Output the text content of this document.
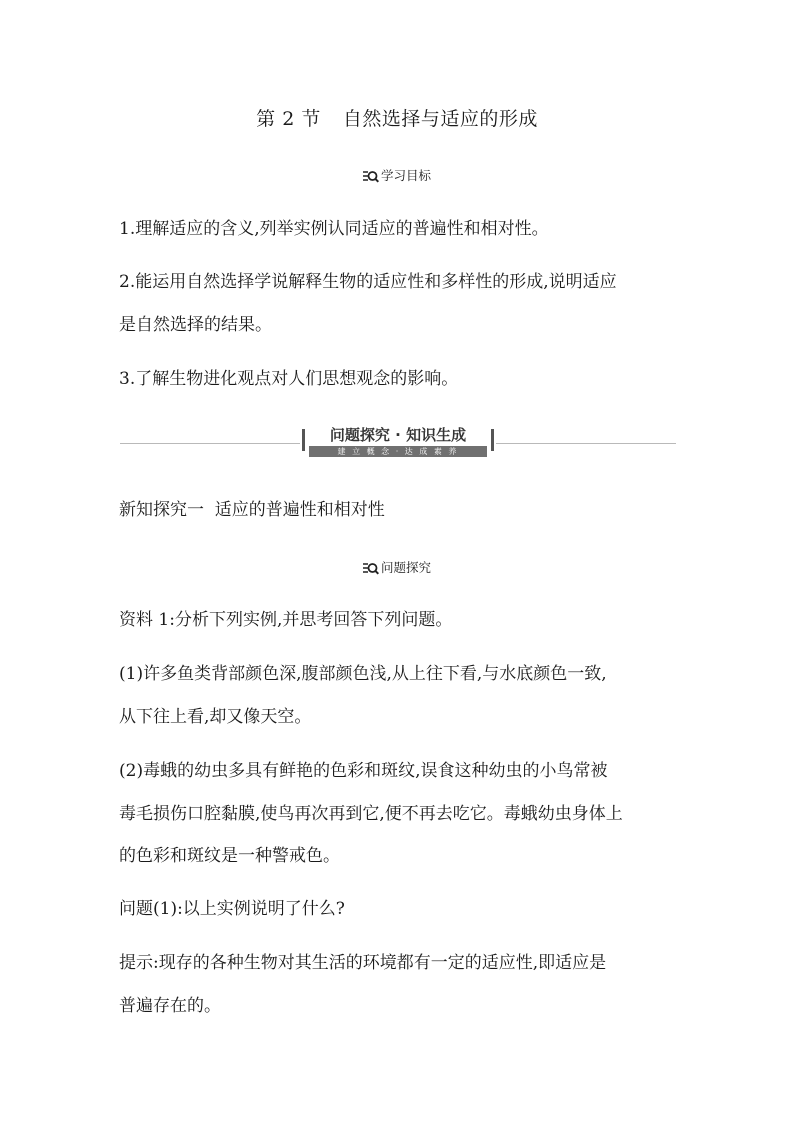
第 2 节 自然选择与适应的形成
学习目标
1.理解适应的含义,列举实例认同适应的普遍性和相对性。
2.能运用自然选择学说解释生物的适应性和多样性的形成,说明适应
是自然选择的结果。
3.了解生物进化观点对人们思想观念的影响。
问题探究 · 知识生成
建 立 概 念 · 达 成 素 养
新知探究一  适应的普遍性和相对性
问题探究
资料 1:分析下列实例,并思考回答下列问题。
(1)许多鱼类背部颜色深,腹部颜色浅,从上往下看,与水底颜色一致,
从下往上看,却又像天空。
(2)毒蛾的幼虫多具有鲜艳的色彩和斑纹,误食这种幼虫的小鸟常被
毒毛损伤口腔黏膜,使鸟再次再到它,便不再去吃它。毒蛾幼虫身体上
的色彩和斑纹是一种警戒色。
问题(1):以上实例说明了什么?
提示:现存的各种生物对其生活的环境都有一定的适应性,即适应是
普遍存在的。
